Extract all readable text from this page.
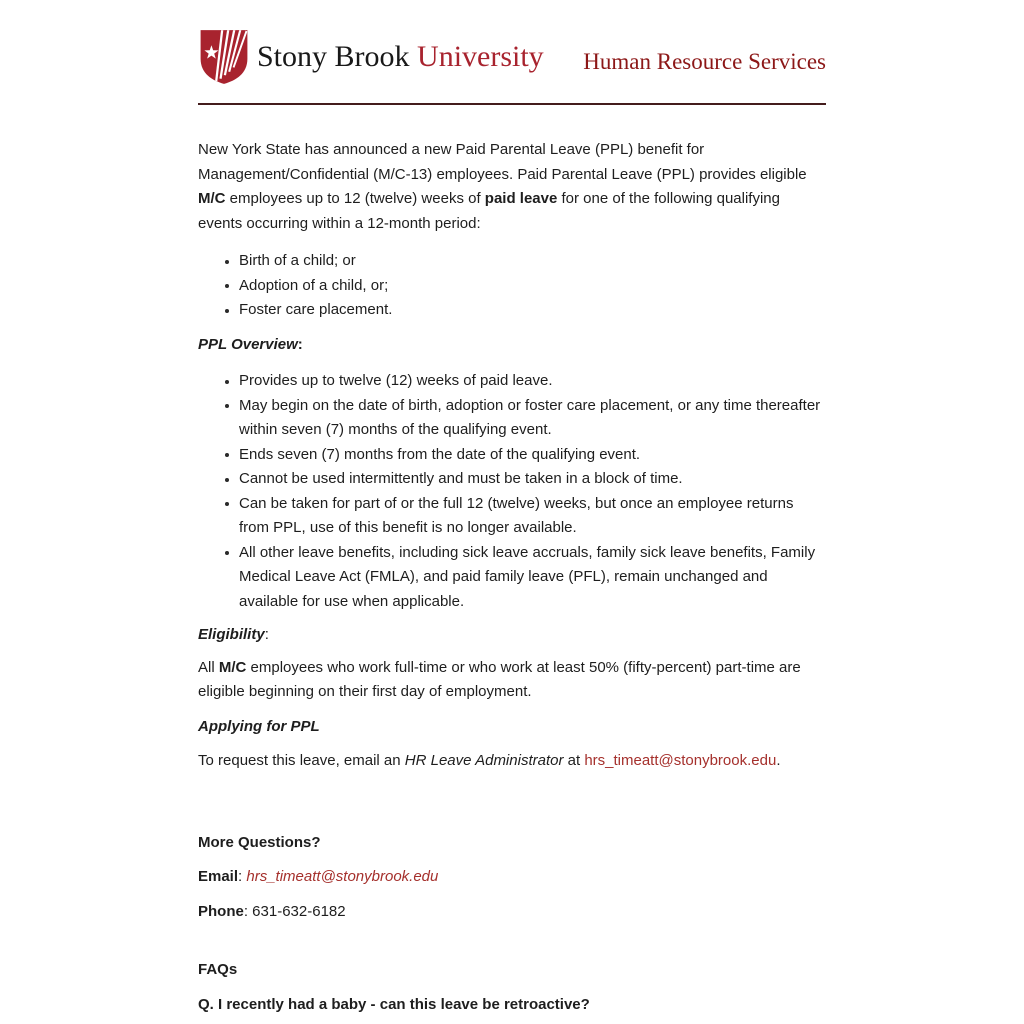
Stony Brook University Human Resource Services

New York State has announced a new Paid Parental Leave (PPL) benefit for Management/Confidential (M/C-13) employees. Paid Parental Leave (PPL) provides eligible M/C employees up to 12 (twelve) weeks of paid leave for one of the following qualifying events occurring within a 12-month period:

Birth of a child; or
Adoption of a child, or;
Foster care placement.

PPL Overview:

Provides up to twelve (12) weeks of paid leave.
May begin on the date of birth, adoption or foster care placement, or any time thereafter within seven (7) months of the qualifying event.
Ends seven (7) months from the date of the qualifying event.
Cannot be used intermittently and must be taken in a block of time.
Can be taken for part of or the full 12 (twelve) weeks, but once an employee returns from PPL, use of this benefit is no longer available.
All other leave benefits, including sick leave accruals, family sick leave benefits, Family Medical Leave Act (FMLA), and paid family leave (PFL), remain unchanged and available for use when applicable.

Eligibility:

All M/C employees who work full-time or who work at least 50% (fifty-percent) part-time are eligible beginning on their first day of employment.

Applying for PPL

To request this leave, email an HR Leave Administrator at hrs_timeatt@stonybrook.edu.

More Questions?

Email: hrs_timeatt@stonybrook.edu

Phone: 631-632-6182

FAQs

Q. I recently had a baby - can this leave be retroactive?
